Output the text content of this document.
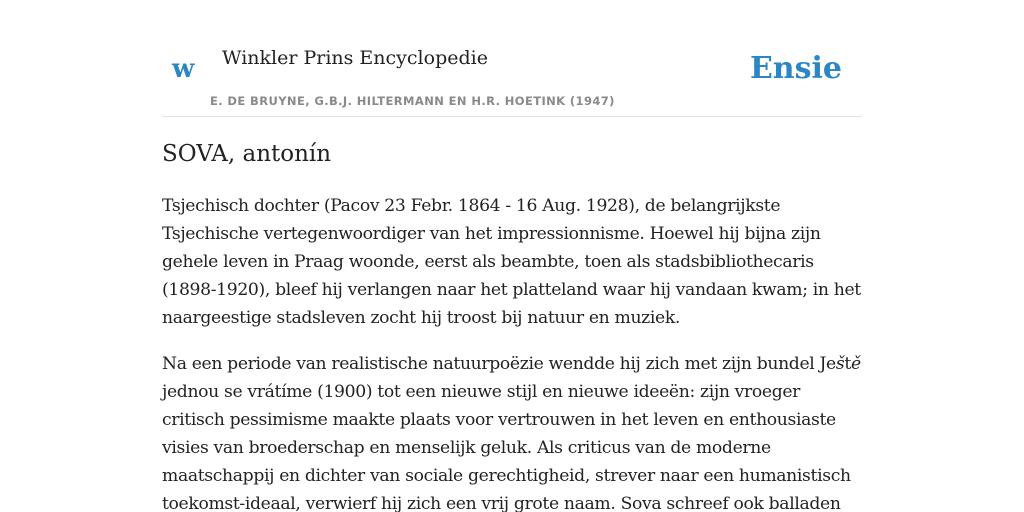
w Winkler Prins Encyclopedie
E. DE BRUYNE, G.B.J. HILTERMANN EN H.R. HOETINK (1947)
Ensie
SOVA, antonín

Tsjechisch dochter (Pacov 23 Febr. 1864 - 16 Aug. 1928), de belangrijkste Tsjechische vertegenwoordiger van het impressionnisme. Hoewel hij bijna zijn gehele leven in Praag woonde, eerst als beambte, toen als stadsbibliothecaris (1898-1920), bleef hij verlangen naar het platteland waar hij vandaan kwam; in het naargeestige stadsleven zocht hij troost bij natuur en muziek.

Na een periode van realistische natuurpoëzie wendde hij zich met zijn bundel Ještě jednou se vrátíme (1900) tot een nieuwe stijl en nieuwe ideeën: zijn vroeger critisch pessimisme maakte plaats voor vertrouwen in het leven en enthousiaste visies van broederschap en menselijk geluk. Als criticus van de moderne maatschappij en dichter van sociale gerechtigheid, strever naar een humanistisch toekomst-ideaal, verwierf hij zich een vrij grote naam. Sova schreef ook balladen
